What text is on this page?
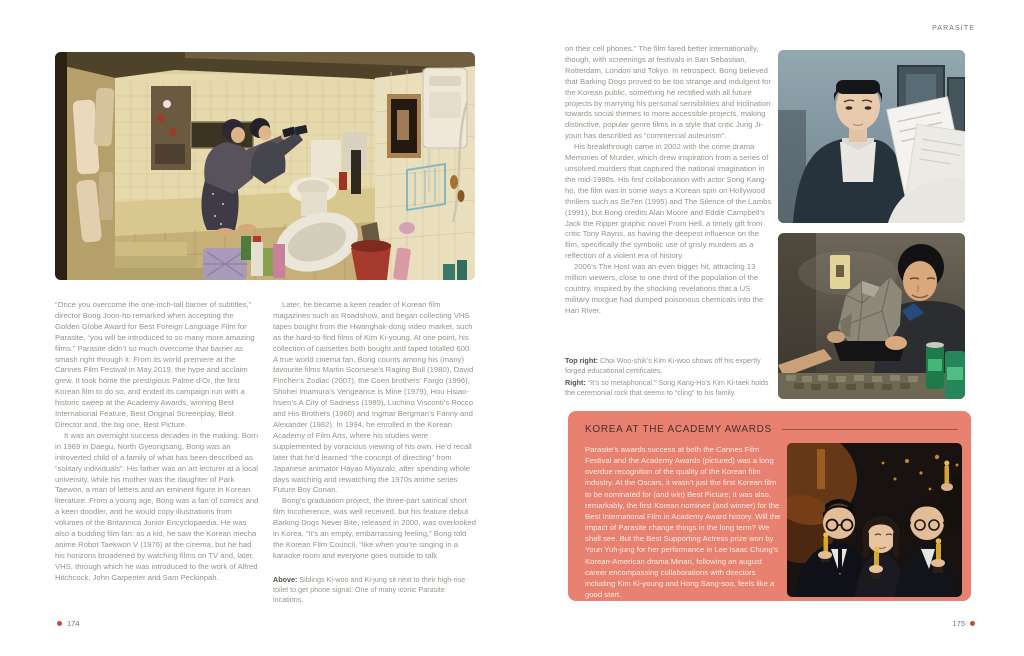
PARASITE

“Once you overcome the one-inch-tall barrier of subtitles,” director Bong Joon-ho remarked when accepting the Golden Globe Award for Best Foreign Language Film for Parasite, “you will be introduced to so many more amazing films.” Parasite didn’t so much overcome that barrier as smash right through it. From its world premiere at the Cannes Film Festival in May 2019, the hype and acclaim grew. It took home the prestigious Palme d’Or, the first Korean film to do so, and ended its campaign run with a historic sweep at the Academy Awards, winning Best International Feature, Best Original Screenplay, Best Director and, the big one, Best Picture.

It was an overnight success decades in the making. Born in 1969 in Daegu, North Gyeongsang, Bong was an introverted child of a family of what has been described as “solitary individuals”. His father was an art lecturer at a local university, while his mother was the daughter of Park Taewon, a man of letters and an eminent figure in Korean literature. From a young age, Bong was a fan of comics and a keen doodler, and he would copy illustrations from volumes of the Britannica Junior Encyclopaedia. He was also a budding film fan: as a kid, he saw the Korean mecha anime Robot Taekwon V (1976) at the cinema, but he had his horizons broadened by watching films on TV and, later, VHS, through which he was introduced to the work of Alfred Hitchcock, John Carpenter and Sam Peckinpah.

Later, he became a keen reader of Korean film magazines such as Roadshow, and began collecting VHS tapes bought from the Hwanghak-dong video market, such as the hard-to-find films of Kim Ki-young. At one point, his collection of cassettes both bought and taped totalled 600. A true world cinema fan, Bong counts among his (many) favourite films Martin Scorsese’s Raging Bull (1980), David Fincher’s Zodiac (2007), the Coen brothers’ Fargo (1996), Shohei Imamura’s Vengeance is Mine (1979), Hou Hsiao-hsien’s A City of Sadness (1989), Luchino Visconti’s Rocco and His Brothers (1960) and Ingmar Bergman’s Fanny and Alexander (1982). In 1994, he enrolled in the Korean Academy of Film Arts, where his studies were supplemented by voracious viewing of his own. He’d recall later that he’d learned “the concept of directing” from Japanese animator Hayao Miyazaki, after spending whole days watching and rewatching the 1970s anime series Future Boy Conan.

Bong’s graduation project, the three-part satirical short film Incoherence, was well received, but his feature debut Barking Dogs Never Bite, released in 2000, was overlooked in Korea. “It’s an empty, embarrassing feeling,” Bong told the Korean Film Council, “like when you’re singing in a karaoke room and everyone goes outside to talk

Above: Siblings Ki-woo and Ki-jung sit next to their high-rise toilet to get phone signal. One of many iconic Parasite locations.
174

on their cell phones.” The film fared better internationally, though, with screenings at festivals in San Sebastian, Rotterdam, London and Tokyo. In retrospect, Bong believed that Barking Dogs proved to be too strange and indulgent for the Korean public, something he rectified with all future projects by marrying his personal sensibilities and inclination towards social themes to more accessible projects, making distinctive, popular genre films in a style that critic Jung Ji-youn has described as “commercial auteurism”.

His breakthrough came in 2002 with the crime drama Memories of Murder, which drew inspiration from a series of unsolved murders that captured the national imagination in the mid-1980s. His first collaboration with actor Song Kang-ho, the film was in some ways a Korean spin on Hollywood thrillers such as Se7en (1995) and The Silence of the Lambs (1991), but Bong credits Alan Moore and Eddie Campbell’s Jack the Ripper graphic novel From Hell, a timely gift from critic Tony Rayns, as having the deepest influence on the film, specifically the symbolic use of grisly murders as a reflection of a violent era of history.

2006’s The Host was an even bigger hit, attracting 13 million viewers, close to one third of the population of the country. Inspired by the shocking revelations that a US military morgue had dumped poisonous chemicals into the Han River,

Top right: Choi Woo-shik’s Kim Ki-woo shows off his expertly forged educational certificates.
Right: “It’s so metaphorical.” Song Kang-Ho’s Kim Ki-taek holds the ceremonial rock that seems to “cling” to his family.
KOREA AT THE ACADEMY AWARDS
Parasite’s awards success at both the Cannes Film Festival and the Academy Awards (pictured) was a long overdue recognition of the quality of the Korean film industry. At the Oscars, it wasn’t just the first Korean film to be nominated for (and win) Best Picture; it was also, remarkably, the first Korean nominee (and winner) for the Best International Film in Academy Award history. Will the impact of Parasite change things in the long term? We shall see. But the Best Supporting Actress prize won by Youn Yuh-jung for her performance in Lee Isaac Chung’s Korean-American drama Minari, following an august career encompassing collaborations with directors including Kim Ki-young and Hong Sang-soo, feels like a good start.
175
